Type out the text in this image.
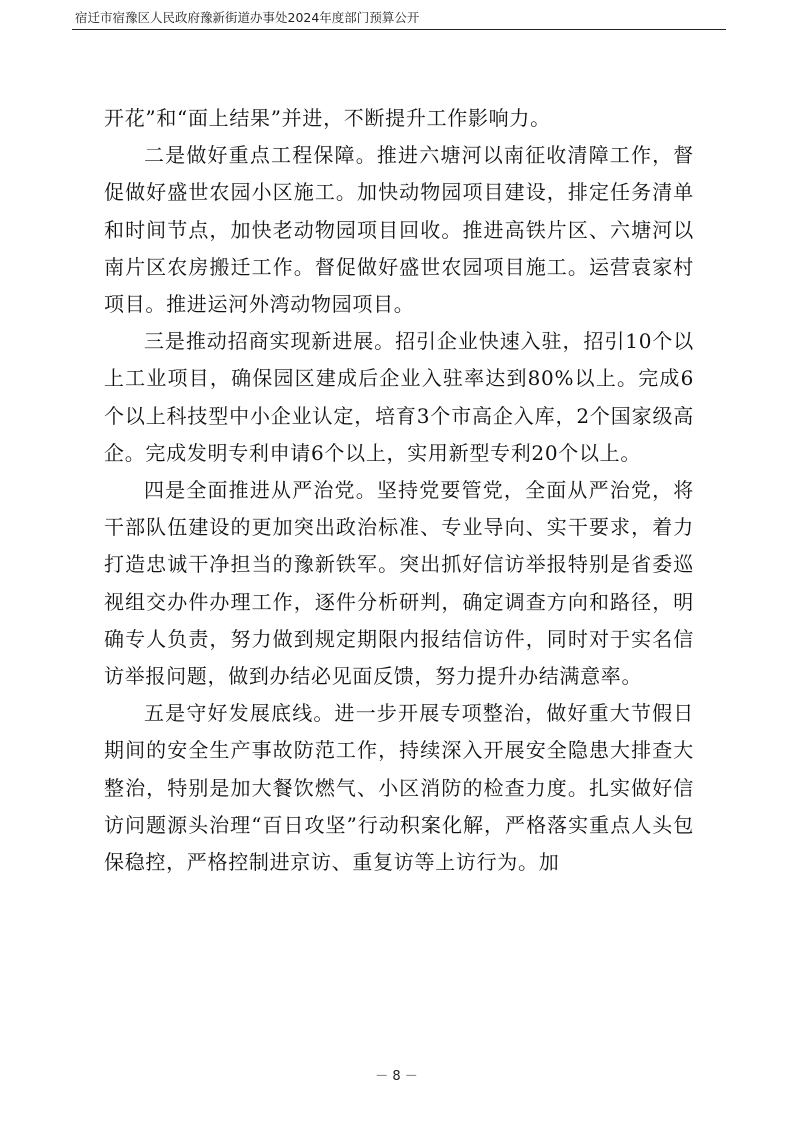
宿迁市宿豫区人民政府豫新街道办事处2024年度部门预算公开

开花”和“面上结果”并进，不断提升工作影响力。

二是做好重点工程保障。推进六塘河以南征收清障工作，督促做好盛世农园小区施工。加快动物园项目建设，排定任务清单和时间节点，加快老动物园项目回收。推进高铁片区、六塘河以南片区农房搬迁工作。督促做好盛世农园项目施工。运营袁家村项目。推进运河外湾动物园项目。

三是推动招商实现新进展。招引企业快速入驻，招引10个以上工业项目，确保园区建成后企业入驻率达到80%以上。完成6个以上科技型中小企业认定，培育3个市高企入库，2个国家级高企。完成发明专利申请6个以上，实用新型专利20个以上。

四是全面推进从严治党。坚持党要管党，全面从严治党，将干部队伍建设的更加突出政治标准、专业导向、实干要求，着力打造忠诚干净担当的豫新铁军。突出抓好信访举报特别是省委巡视组交办件办理工作，逐件分析研判，确定调查方向和路径，明确专人负责，努力做到规定期限内报结信访件，同时对于实名信访举报问题，做到办结必见面反馈，努力提升办结满意率。

五是守好发展底线。进一步开展专项整治，做好重大节假日期间的安全生产事故防范工作，持续深入开展安全隐患大排查大整治，特别是加大餐饮燃气、小区消防的检查力度。扎实做好信访问题源头治理“百日攻坚”行动积案化解，严格落实重点人头包保稳控，严格控制进京访、重复访等上访行为。加

－ 8 －
